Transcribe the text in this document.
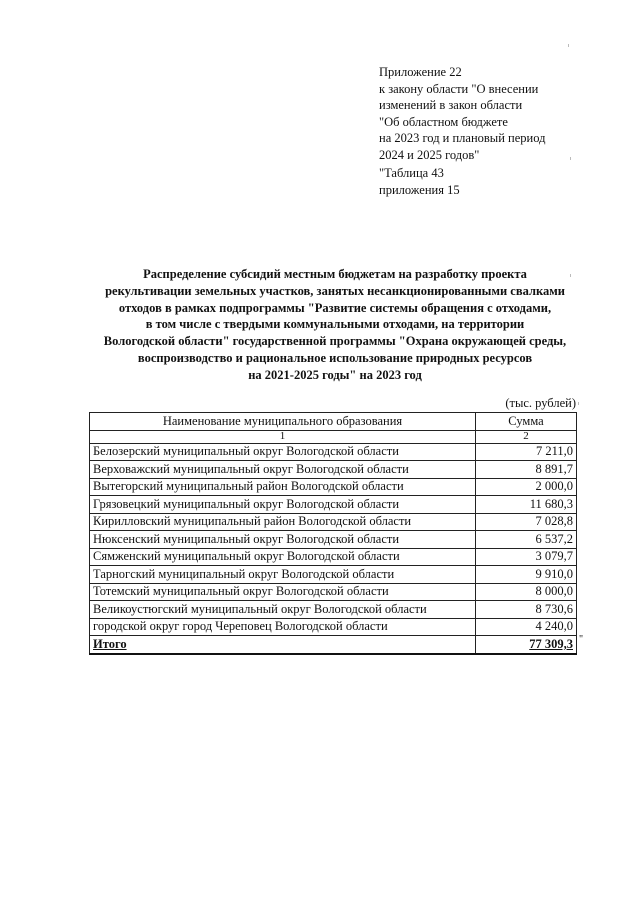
Приложение 22
к закону области "О внесении
изменений в закон области
"Об областном бюджете
на 2023 год и плановый период
2024 и 2025 годов"
"Таблица 43
приложения 15
Распределение субсидий местным бюджетам на разработку проекта
рекультивации земельных участков, занятых несанкционированными свалками
отходов в рамках подпрограммы "Развитие системы обращения с отходами,
в том числе с твердыми коммунальными отходами, на территории
Вологодской области" государственной программы "Охрана окружающей среды,
воспроизводство и рациональное использование природных ресурсов
на 2021-2025 годы" на 2023 год
(тыс. рублей)
Наименование муниципального образования	Сумма
1	2
Белозерский муниципальный округ Вологодской области	7 211,0
Верховажский муниципальный округ Вологодской области	8 891,7
Вытегорский муниципальный район Вологодской области	2 000,0
Грязовецкий муниципальный округ Вологодской области	11 680,3
Кирилловский муниципальный район Вологодской области	7 028,8
Нюксенский муниципальный округ Вологодской области	6 537,2
Сямженский муниципальный округ Вологодской области	3 079,7
Тарногский муниципальный округ Вологодской области	9 910,0
Тотемский муниципальный округ Вологодской области	8 000,0
Великоустюгский муниципальный округ Вологодской области	8 730,6
городской округ город Череповец Вологодской области	4 240,0
Итого	77 309,3 "
